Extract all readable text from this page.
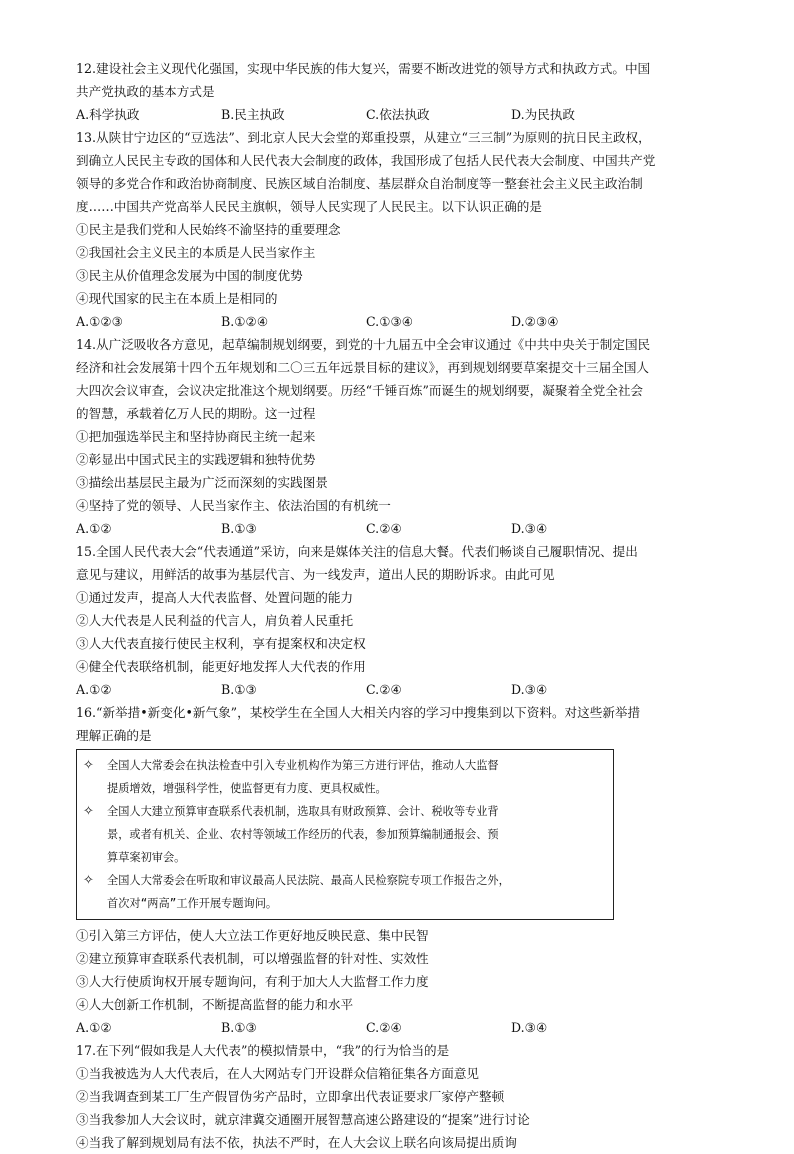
12.建设社会主义现代化强国，实现中华民族的伟大复兴，需要不断改进党的领导方式和执政方式。中国

共产党执政的基本方式是

A.科学执政	B.民主执政	C.依法执政	D.为民执政

13.从陕甘宁边区的“豆选法”、到北京人民大会堂的郑重投票，从建立“三三制”为原则的抗日民主政权，

到确立人民民主专政的国体和人民代表大会制度的政体，我国形成了包括人民代表大会制度、中国共产党

领导的多党合作和政治协商制度、民族区域自治制度、基层群众自治制度等一整套社会主义民主政治制

度……中国共产党高举人民民主旗帜，领导人民实现了人民民主。以下认识正确的是

①民主是我们党和人民始终不渝坚持的重要理念

②我国社会主义民主的本质是人民当家作主

③民主从价值理念发展为中国的制度优势

④现代国家的民主在本质上是相同的

A.①②③	B.①②④	C.①③④	D.②③④

14.从广泛吸收各方意见，起草编制规划纲要，到党的十九届五中全会审议通过《中共中央关于制定国民

经济和社会发展第十四个五年规划和二〇三五年远景目标的建议》，再到规划纲要草案提交十三届全国人

大四次会议审查，会议决定批准这个规划纲要。历经“千锤百炼”而诞生的规划纲要，凝聚着全党全社会

的智慧，承载着亿万人民的期盼。这一过程

①把加强选举民主和坚持协商民主统一起来

②彰显出中国式民主的实践逻辑和独特优势

③描绘出基层民主最为广泛而深刻的实践图景

④坚持了党的领导、人民当家作主、依法治国的有机统一

A.①②	B.①③	C.②④	D.③④

15.全国人民代表大会“代表通道”采访，向来是媒体关注的信息大餐。代表们畅谈自己履职情况、提出

意见与建议，用鲜活的故事为基层代言、为一线发声，道出人民的期盼诉求。由此可见

①通过发声，提高人大代表监督、处置问题的能力

②人大代表是人民利益的代言人，肩负着人民重托

③人大代表直接行使民主权利，享有提案权和决定权

④健全代表联络机制，能更好地发挥人大代表的作用

A.①②	B.①③	C.②④	D.③④

16.“新举措•新变化•新气象”，某校学生在全国人大相关内容的学习中搜集到以下资料。对这些新举措

理解正确的是

✧	全国人大常委会在执法检查中引入专业机构作为第三方进行评估，推动人大监督
提质增效，增强科学性，使监督更有力度、更具权威性。
✧	全国人大建立预算审查联系代表机制，选取具有财政预算、会计、税收等专业背
景，或者有机关、企业、农村等领域工作经历的代表，参加预算编制通报会、预
算草案初审会。
✧	全国人大常委会在听取和审议最高人民法院、最高人民检察院专项工作报告之外，
首次对“两高”工作开展专题询问。

①引入第三方评估，使人大立法工作更好地反映民意、集中民智

②建立预算审查联系代表机制，可以增强监督的针对性、实效性

③人大行使质询权开展专题询问，有利于加大人大监督工作力度

④人大创新工作机制，不断提高监督的能力和水平

A.①②	B.①③	C.②④	D.③④

17.在下列“假如我是人大代表”的模拟情景中，“我”的行为恰当的是

①当我被选为人大代表后，在人大网站专门开设群众信箱征集各方面意见

②当我调查到某工厂生产假冒伪劣产品时，立即拿出代表证要求厂家停产整顿

③当我参加人大会议时，就京津冀交通圈开展智慧高速公路建设的“提案”进行讨论

④当我了解到规划局有法不依，执法不严时，在人大会议上联名向该局提出质询
